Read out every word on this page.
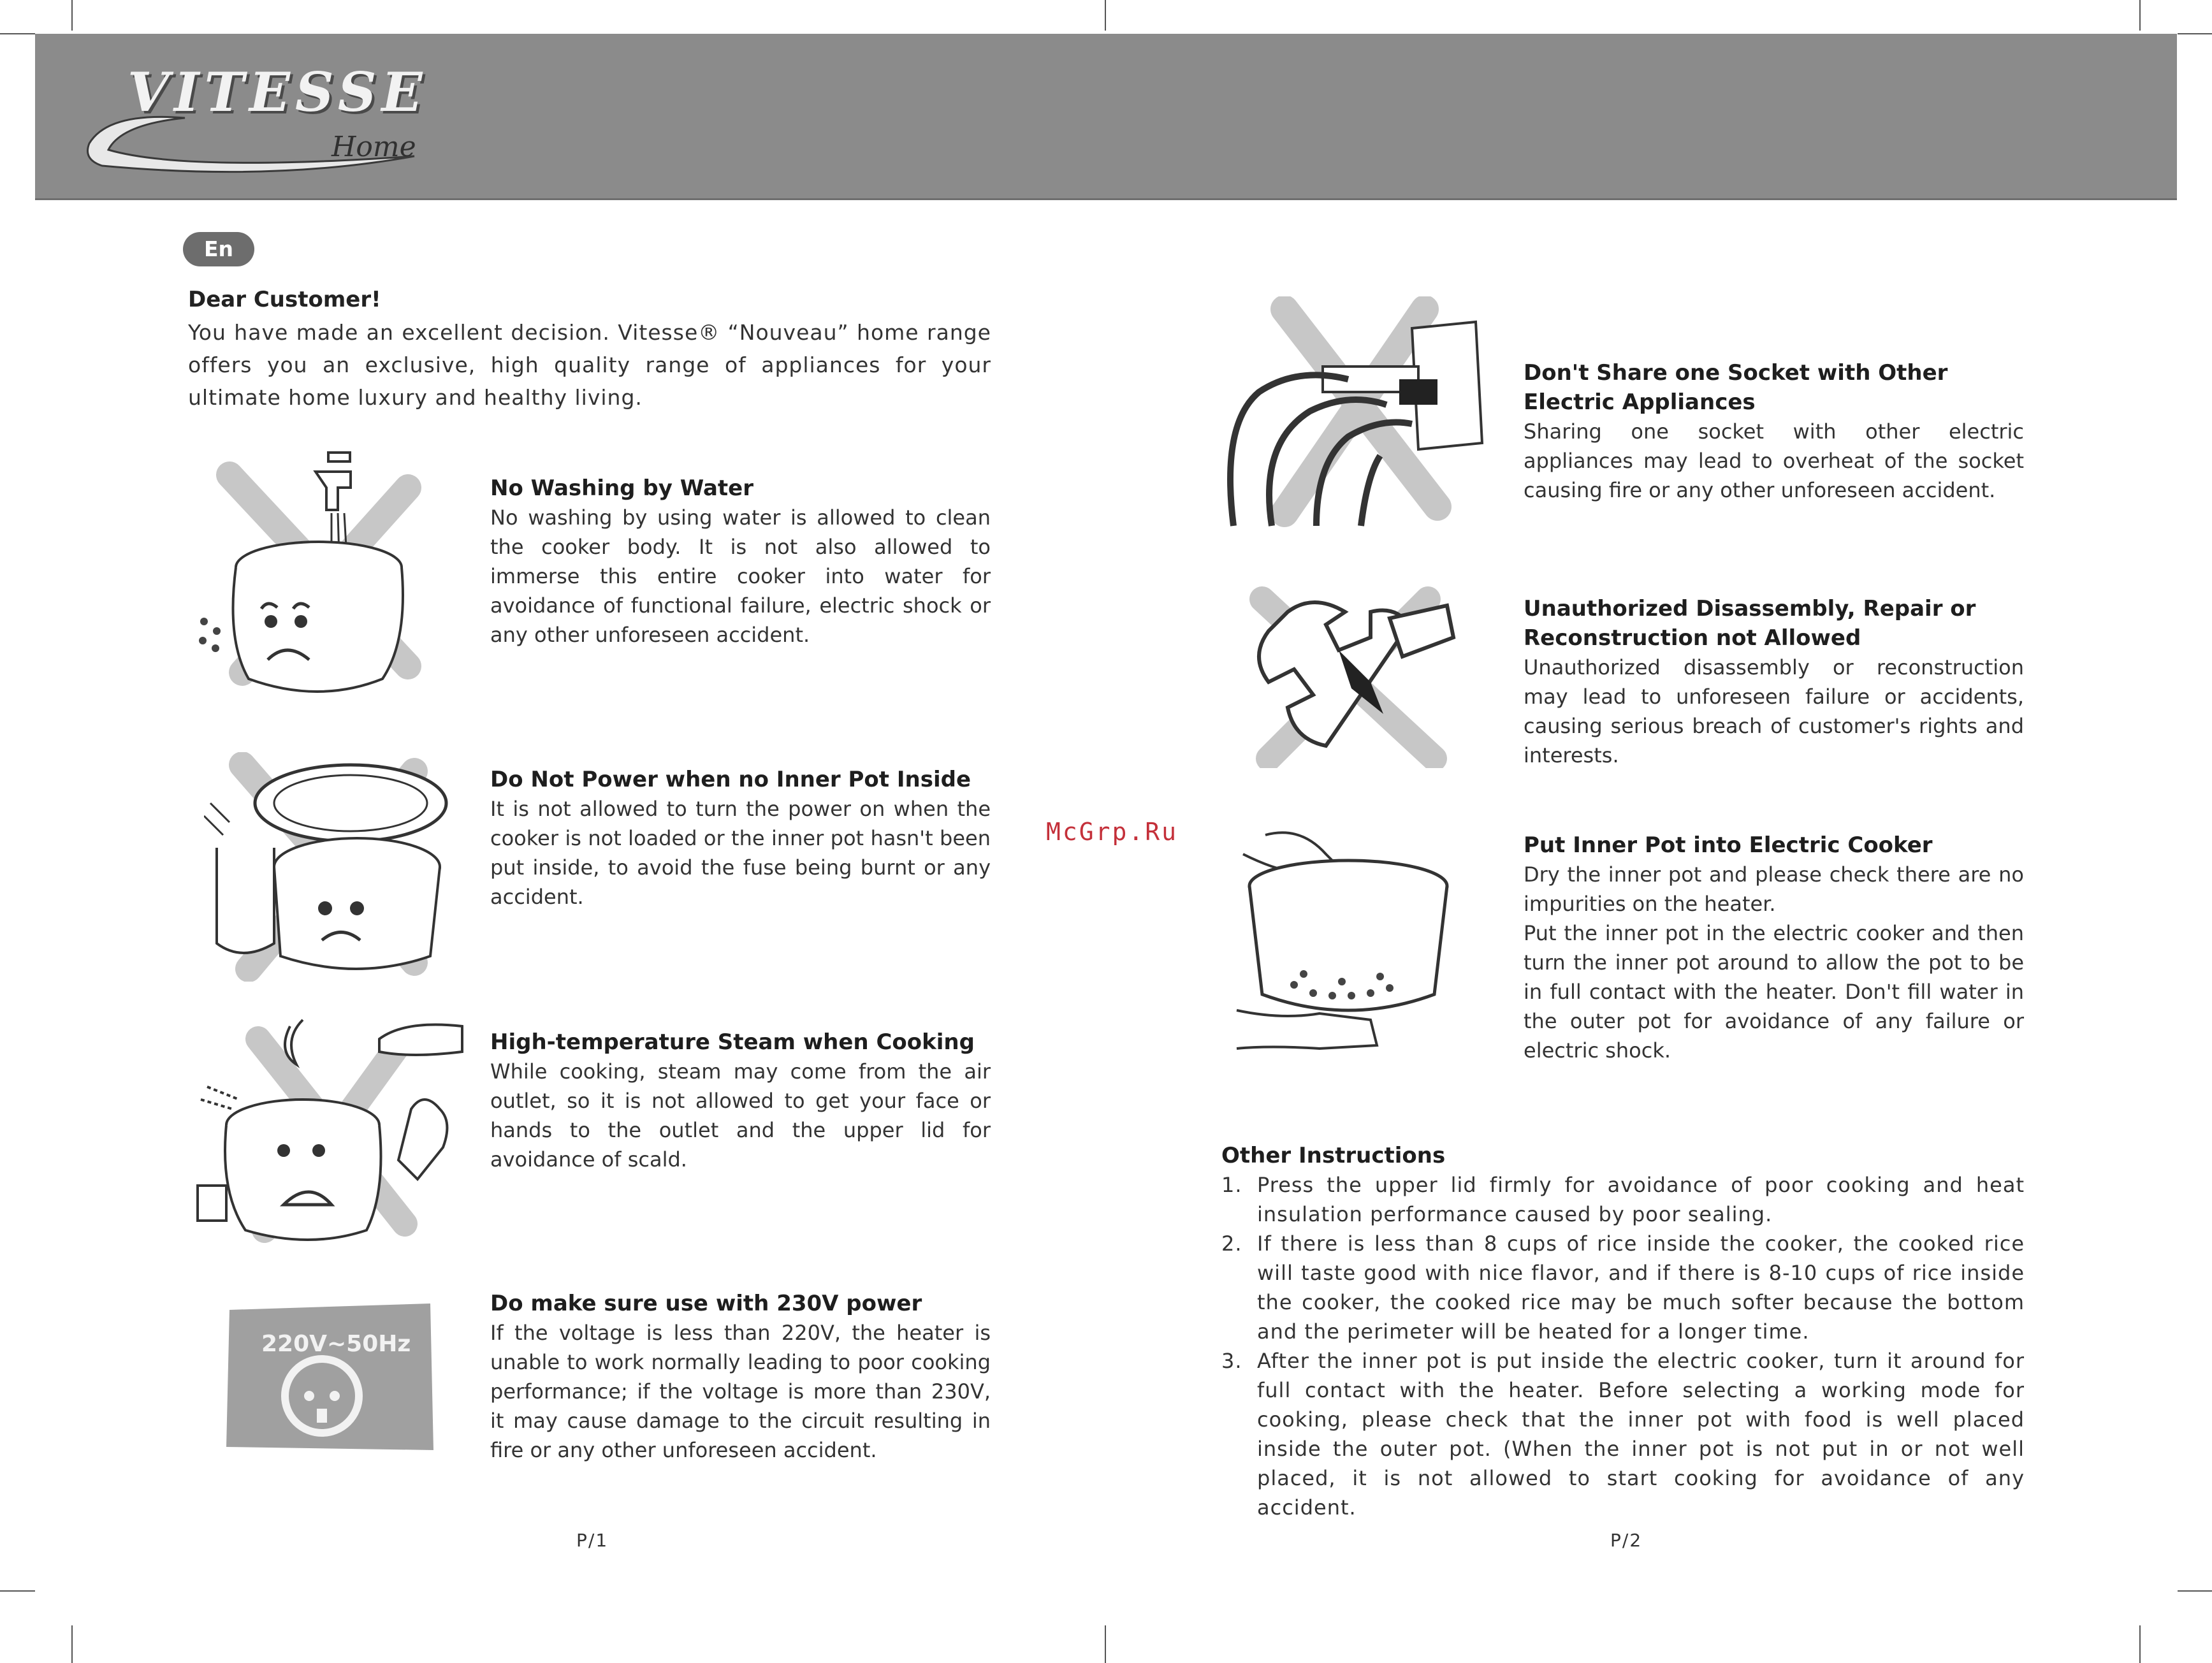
VITESSE
Home
En
Dear Customer!

You have made an excellent decision. Vitesse® “Nouveau” home range offers you an exclusive, high quality range of appliances for your ultimate home luxury and healthy living.

No Washing by Water

No washing by using water is allowed to clean the cooker body. It is not also allowed to immerse this entire cooker into water for avoidance of functional failure, electric shock or any other unforeseen accident.

Do Not Power when no Inner Pot Inside

It is not allowed to turn the power on when the cooker is not loaded or the inner pot hasn't been put inside, to avoid the fuse being burnt or any accident.

High-temperature Steam when Cooking

While cooking, steam may come from the air outlet, so it is not allowed to get your face or hands to the outlet and the upper lid for avoidance of scald.

220V~50Hz
Do make sure use with 230V power

If the voltage is less than 220V, the heater is unable to work normally leading to poor cooking performance; if the voltage is more than 230V, it may cause damage to the circuit resulting in fire or any other unforeseen accident.

P/1
McGrp.Ru
Don't Share one Socket with Other Electric Appliances

Sharing one socket with other electric appliances may lead to overheat of the socket causing fire or any other unforeseen accident.

Unauthorized Disassembly, Repair or Reconstruction not Allowed

Unauthorized disassembly or reconstruction may lead to unforeseen failure or accidents, causing serious breach of customer's rights and interests.

Put Inner Pot into Electric Cooker

Dry the inner pot and please check there are no impurities on the heater.

Put the inner pot in the electric cooker and then turn the inner pot around to allow the pot to be in full contact with the heater. Don't fill water in the outer pot for avoidance of any failure or electric shock.

Other Instructions
1. Press the upper lid firmly for avoidance of poor cooking and heat insulation performance caused by poor sealing.
2. If there is less than 8 cups of rice inside the cooker, the cooked rice will taste good with nice flavor, and if there is 8-10 cups of rice inside the cooker, the cooked rice may be much softer because the bottom and the perimeter will be heated for a longer time.
3. After the inner pot is put inside the electric cooker, turn it around for full contact with the heater. Before selecting a working mode for cooking, please check that the inner pot with food is well placed inside the outer pot. (When the inner pot is not put in or not well placed, it is not allowed to start cooking for avoidance of any accident.
P/2
